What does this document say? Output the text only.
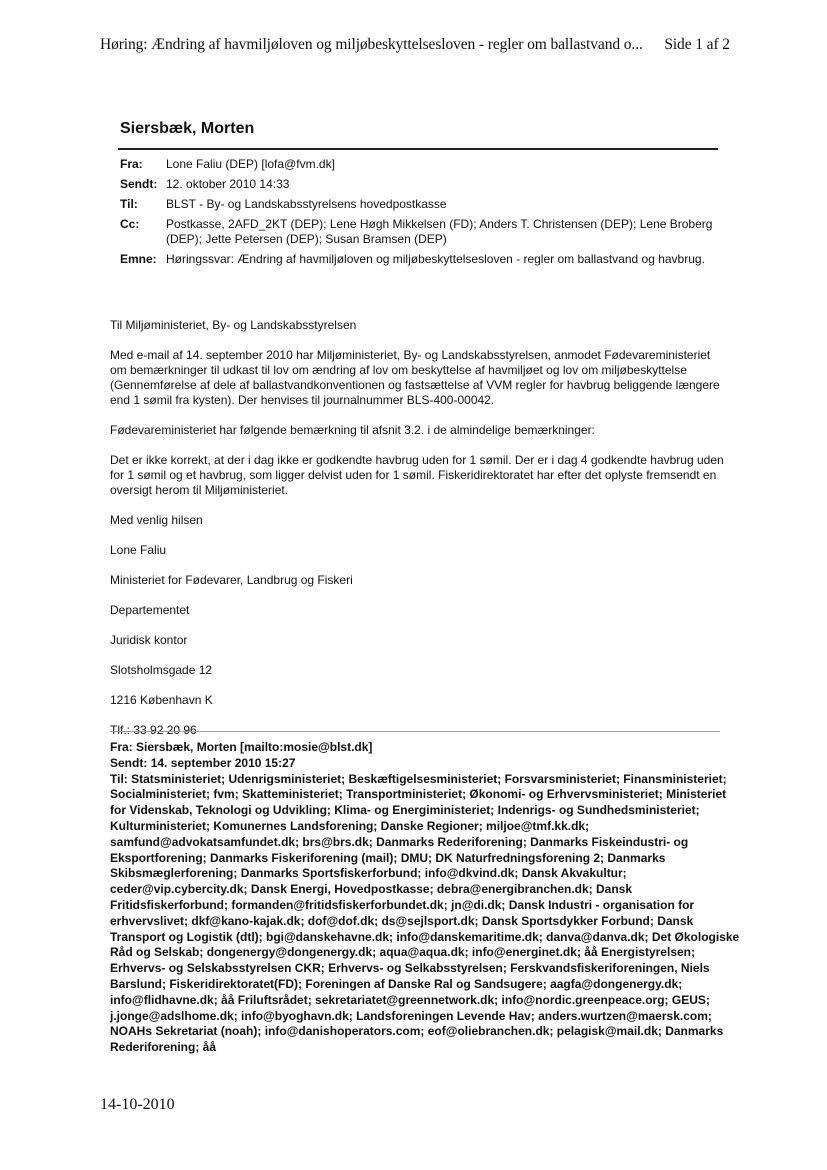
Høring: Ændring af havmiljøloven og miljøbeskyttelsesloven - regler om ballastvand o... Side 1 af 2
Siersbæk, Morten
Fra:	Lone Faliu (DEP) [lofa@fvm.dk]
Sendt: 12. oktober 2010 14:33
Til:	BLST - By- og Landskabsstyrelsens hovedpostkasse
Cc:	Postkasse, 2AFD_2KT (DEP); Lene Høgh Mikkelsen (FD); Anders T. Christensen (DEP); Lene Broberg (DEP); Jette Petersen (DEP); Susan Bramsen (DEP)
Emne: Høringssvar: Ændring af havmiljøloven og miljøbeskyttelsesloven - regler om ballastvand og havbrug.

Til Miljøministeriet, By- og Landskabsstyrelsen

Med e-mail af 14. september 2010 har Miljøministeriet, By- og Landskabsstyrelsen, anmodet Fødevareministeriet om bemærkninger til udkast til lov om ændring af lov om beskyttelse af havmiljøet og lov om miljøbeskyttelse (Gennemførelse af dele af ballastvandkonventionen og fastsættelse af VVM regler for havbrug beliggende længere end 1 sømil fra kysten). Der henvises til journalnummer BLS-400-00042.

Fødevareministeriet har følgende bemærkning til afsnit 3.2. i de almindelige bemærkninger:

Det er ikke korrekt, at der i dag ikke er godkendte havbrug uden for 1 sømil. Der er i dag 4 godkendte havbrug uden for 1 sømil og et havbrug, som ligger delvist uden for 1 sømil. Fiskeridirektoratet har efter det oplyste fremsendt en oversigt herom til Miljøministeriet.

Med venlig hilsen

Lone Faliu

Ministeriet for Fødevarer, Landbrug og Fiskeri

Departementet

Juridisk kontor

Slotsholmsgade 12

1216 København K

Tlf.: 33 92 20 96

Fra: Siersbæk, Morten [mailto:mosie@blst.dk]
Sendt: 14. september 2010 15:27
Til: Statsministeriet; Udenrigsministeriet; Beskæftigelsesministeriet; Forsvarsministeriet; Finansministeriet; Socialministeriet; fvm; Skatteministeriet; Transportministeriet; Økonomi- og Erhvervsministeriet; Ministeriet for Videnskab, Teknologi og Udvikling; Klima- og Energiministeriet; Indenrigs- og Sundhedsministeriet; Kulturministeriet; Komunernes Landsforening; Danske Regioner; miljoe@tmf.kk.dk; samfund@advokatsamfundet.dk; brs@brs.dk; Danmarks Rederiforening; Danmarks Fiskeindustri- og Eksportforening; Danmarks Fiskeriforening (mail); DMU; DK Naturfredningsforening 2; Danmarks Skibsmæglerforening; Danmarks Sportsfiskerforbund; info@dkvind.dk; Dansk Akvakultur; ceder@vip.cybercity.dk; Dansk Energi, Hovedpostkasse; debra@energibranchen.dk; Dansk Fritidsfiskerforbund; formanden@fritidsfiskerforbundet.dk; jn@di.dk; Dansk Industri - organisation for erhvervslivet; dkf@kano-kajak.dk; dof@dof.dk; ds@sejlsport.dk; Dansk Sportsdykker Forbund; Dansk Transport og Logistik (dtl); bgi@danskehavne.dk; info@danskemaritime.dk; danva@danva.dk; Det Økologiske Råd og Selskab; dongenergy@dongenergy.dk; aqua@aqua.dk; info@energinet.dk; åå Energistyrelsen; Erhvervs- og Selskabsstyrelsen CKR; Erhvervs- og Selkabsstyrelsen; Ferskvandsfiskeriforeningen, Niels Barslund; Fiskeridirektoratet(FD); Foreningen af Danske Ral og Sandsugere; aagfa@dongenergy.dk; info@flidhavne.dk; åå Friluftsrådet; sekretariatet@greennetwork.dk; info@nordic.greenpeace.org; GEUS; j.jonge@adslhome.dk; info@byoghavn.dk; Landsforeningen Levende Hav; anders.wurtzen@maersk.com; NOAHs Sekretariat (noah); info@danishoperators.com; eof@oliebranchen.dk; pelagisk@mail.dk; Danmarks Rederiforening; åå
14-10-2010
